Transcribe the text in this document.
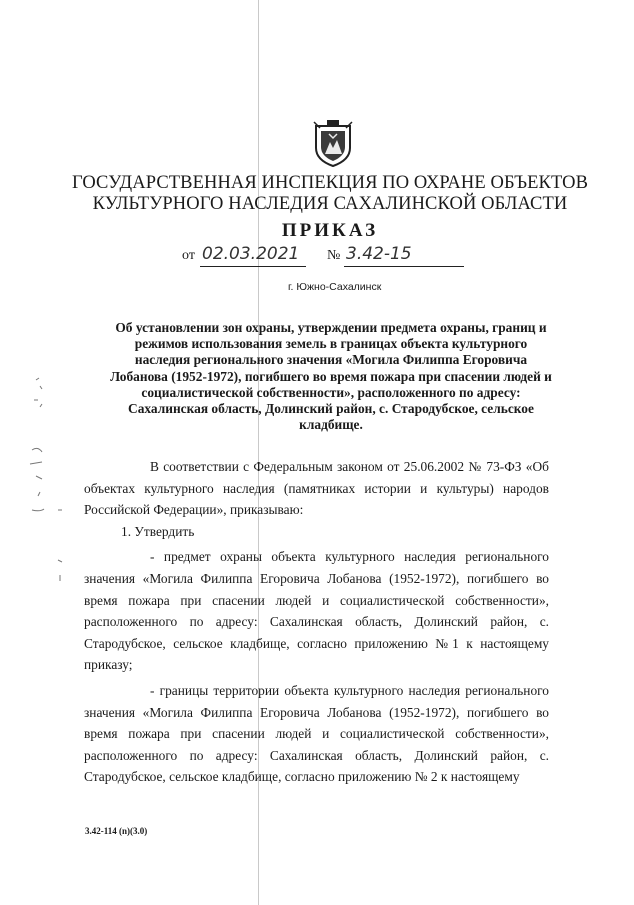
ГОСУДАРСТВЕННАЯ ИНСПЕКЦИЯ ПО ОХРАНЕ ОБЪЕКТОВ
КУЛЬТУРНОГО НАСЛЕДИЯ САХАЛИНСКОЙ ОБЛАСТИ
ПРИКАЗ
от 02.03.2021	№ 3.42-15
г. Южно-Сахалинск
Об установлении зон охраны, утверждении предмета охраны, границ и режимов использования земель в границах объекта культурного наследия регионального значения «Могила Филиппа Егоровича Лобанова (1952-1972), погибшего во время пожара при спасении людей и социалистической собственности», расположенного по адресу: Сахалинская область, Долинский район, с. Стародубское, сельское кладбище.

В соответствии с Федеральным законом от 25.06.2002 № 73-ФЗ «Об объектах культурного наследия (памятниках истории и культуры) народов Российской Федерации», приказываю:

1. Утвердить

- предмет охраны объекта культурного наследия регионального значения «Могила Филиппа Егоровича Лобанова (1952-1972), погибшего во время пожара при спасении людей и социалистической собственности», расположенного по адресу: Сахалинская область, Долинский район, с. Стародубское, сельское кладбище, согласно приложению №1 к настоящему приказу;

- границы территории объекта культурного наследия регионального значения «Могила Филиппа Егоровича Лобанова (1952-1972), погибшего во время пожара при спасении людей и социалистической собственности», расположенного по адресу: Сахалинская область, Долинский район, с. Стародубское, сельское кладбище, согласно приложению № 2 к настоящему

3.42-114 (n)(3.0)
